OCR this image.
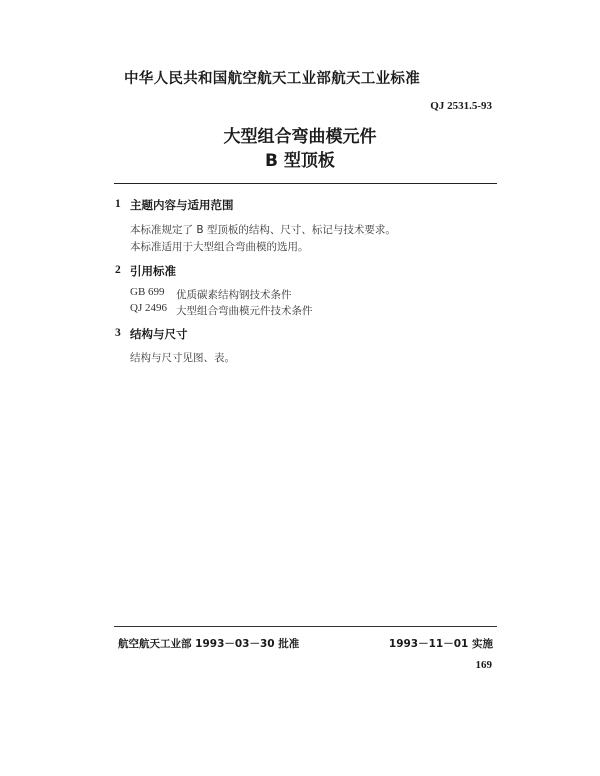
中华人民共和国航空航天工业部航天工业标准
QJ 2531.5-93
大型组合弯曲模元件
B 型顶板
1 主题内容与适用范围
本标准规定了 B 型顶板的结构、尺寸、标记与技术要求。
本标准适用于大型组合弯曲模的选用。
2 引用标准
GB 699 优质碳素结构钢技术条件
QJ 2496 大型组合弯曲模元件技术条件
3 结构与尺寸
结构与尺寸见图、表。
航空航天工业部 1993－03－30 批准	1993－11－01 实施
169
